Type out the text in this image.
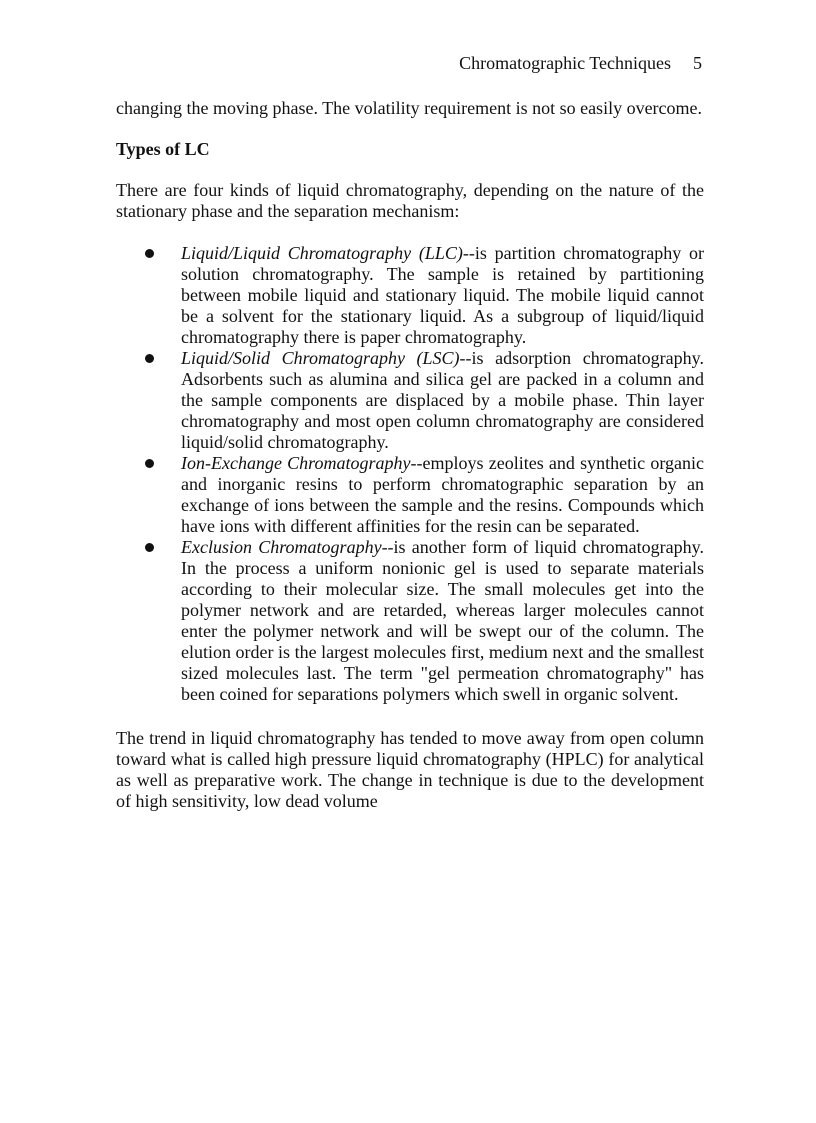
Chromatographic Techniques 5

changing the moving phase. The volatility requirement is not so easily overcome.

Types of LC

There are four kinds of liquid chromatography, depending on the nature of the stationary phase and the separation mechanism:

Liquid/Liquid Chromatography (LLC)--is partition chromatography or solution chromatography. The sample is retained by partitioning between mobile liquid and stationary liquid. The mobile liquid cannot be a solvent for the stationary liquid. As a subgroup of liquid/liquid chromatography there is paper chromatography.
Liquid/Solid Chromatography (LSC)--is adsorption chromatography. Adsorbents such as alumina and silica gel are packed in a column and the sample components are displaced by a mobile phase. Thin layer chromatography and most open column chromatography are considered liquid/solid chromatography.
Ion-Exchange Chromatography--employs zeolites and synthetic organic and inorganic resins to perform chromatographic separation by an exchange of ions between the sample and the resins. Compounds which have ions with different affinities for the resin can be separated.
Exclusion Chromatography--is another form of liquid chromatography. In the process a uniform nonionic gel is used to separate materials according to their molecular size. The small molecules get into the polymer network and are retarded, whereas larger molecules cannot enter the polymer network and will be swept our of the column. The elution order is the largest molecules first, medium next and the smallest sized molecules last. The term "gel permeation chromatography" has been coined for separations polymers which swell in organic solvent.

The trend in liquid chromatography has tended to move away from open column toward what is called high pressure liquid chromatography (HPLC) for analytical as well as preparative work. The change in technique is due to the development of high sensitivity, low dead volume
